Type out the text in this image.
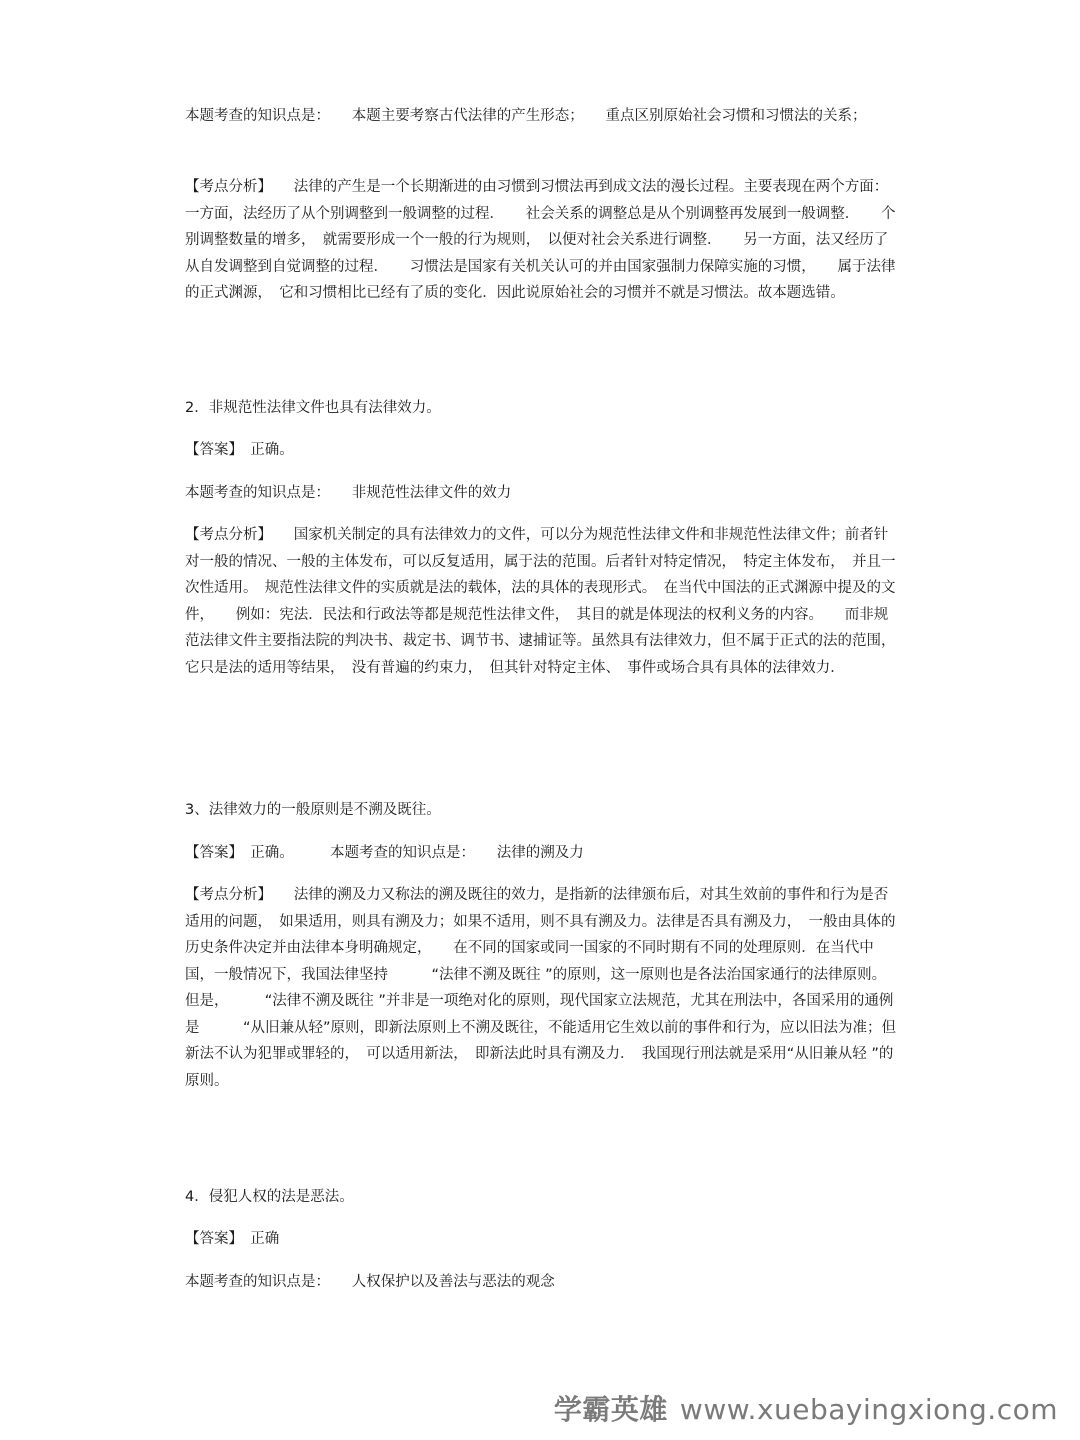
本题考查的知识点是：　　本题主要考察古代法律的产生形态；　　重点区别原始社会习惯和习惯法的关系；

【考点分析】　　法律的产生是一个长期渐进的由习惯到习惯法再到成文法的漫长过程。主要表现在两个方面：　一方面，法经历了从个别调整到一般调整的过程．　　社会关系的调整总是从个别调整再发展到一般调整．　　个别调整数量的增多，　就需要形成一个一般的行为规则，　以便对社会关系进行调整．　　另一方面，法又经历了从自发调整到自觉调整的过程．　　习惯法是国家有关机关认可的并由国家强制力保障实施的习惯，　　属于法律的正式渊源，　它和习惯相比已经有了质的变化．因此说原始社会的习惯并不就是习惯法。故本题选错。

2．非规范性法律文件也具有法律效力。

【答案】　正确。

本题考查的知识点是：　　非规范性法律文件的效力

【考点分析】　　国家机关制定的具有法律效力的文件，可以分为规范性法律文件和非规范性法律文件；前者针对一般的情况、一般的主体发布，可以反复适用，属于法的范围。后者针对特定情况，　特定主体发布，　并且一次性适用。　规范性法律文件的实质就是法的载体，法的具体的表现形式。　在当代中国法的正式渊源中提及的文件，　　例如：宪法．民法和行政法等都是规范性法律文件，　其目的就是体现法的权利义务的内容。　　而非规范法律文件主要指法院的判决书、裁定书、调节书、逮捕证等。虽然具有法律效力，但不属于正式的法的范围，它只是法的适用等结果，　没有普遍的约束力，　但其针对特定主体、　事件或场合具有具体的法律效力．

3、法律效力的一般原则是不溯及既往。

【答案】　正确。　　　本题考查的知识点是：　　法律的溯及力

【考点分析】　　法律的溯及力又称法的溯及既往的效力，是指新的法律颁布后，对其生效前的事件和行为是否适用的问题，　如果适用，则具有溯及力；如果不适用，则不具有溯及力。法律是否具有溯及力，　一般由具体的历史条件决定并由法律本身明确规定，　　在不同的国家或同一国家的不同时期有不同的处理原则．在当代中国，一般情况下，我国法律坚持　　　“法律不溯及既往 ”的原则，这一原则也是各法治国家通行的法律原则。但是，　　　“法律不溯及既往 ”并非是一项绝对化的原则，现代国家立法规范，尤其在刑法中，各国采用的通例是　　　“从旧兼从轻”原则，即新法原则上不溯及既往，不能适用它生效以前的事件和行为，应以旧法为准；但新法不认为犯罪或罪轻的，　可以适用新法，　即新法此时具有溯及力．　我国现行刑法就是采用“从旧兼从轻 ”的原则。

4．侵犯人权的法是恶法。

【答案】　正确

本题考查的知识点是：　　人权保护以及善法与恶法的观念

学霸英雄 www.xuebayingxiong.com
